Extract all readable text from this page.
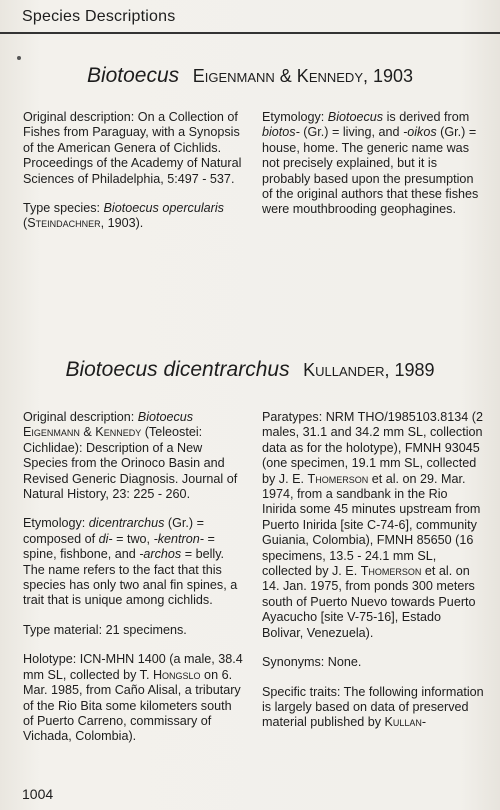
Species Descriptions
Biotoecus Eigenmann & Kennedy, 1903

Original description: On a Collection of Fishes from Paraguay, with a Synopsis of the American Genera of Cichlids. Proceedings of the Academy of Natural Sciences of Philadelphia, 5:497 - 537.

Type species: Biotoecus opercularis (Steindachner, 1903).

Etymology: Biotoecus is derived from biotos- (Gr.) = living, and -oikos (Gr.) = house, home. The generic name was not precisely explained, but it is probably based upon the presumption of the original authors that these fishes were mouthbrooding geophagines.

Biotoecus dicentrarchus Kullander, 1989

Original description: Biotoecus Eigenmann & Kennedy (Teleostei: Cichlidae): Description of a New Species from the Orinoco Basin and Revised Generic Diagnosis. Journal of Natural History, 23: 225 - 260.

Etymology: dicentrarchus (Gr.) = composed of di- = two, -kentron- = spine, fishbone, and -archos = belly. The name refers to the fact that this species has only two anal fin spines, a trait that is unique among cichlids.

Type material: 21 specimens.

Holotype: ICN-MHN 1400 (a male, 38.4 mm SL, collected by T. Hongslo on 6. Mar. 1985, from Caño Alisal, a tributary of the Rio Bita some kilometers south of Puerto Carreno, commissary of Vichada, Colombia).

Paratypes: NRM THO/1985103.8134 (2 males, 31.1 and 34.2 mm SL, collection data as for the holotype), FMNH 93045 (one specimen, 19.1 mm SL, collected by J. E. Thomerson et al. on 29. Mar. 1974, from a sandbank in the Rio Inirida some 45 minutes upstream from Puerto Inirida [site C-74-6], community Guiania, Colombia), FMNH 85650 (16 specimens, 13.5 - 24.1 mm SL, collected by J. E. Thomerson et al. on 14. Jan. 1975, from ponds 300 meters south of Puerto Nuevo towards Puerto Ayacucho [site V-75-16], Estado Bolivar, Venezuela).

Synonyms: None.

Specific traits: The following information is largely based on data of preserved material published by Kullan-

1004
